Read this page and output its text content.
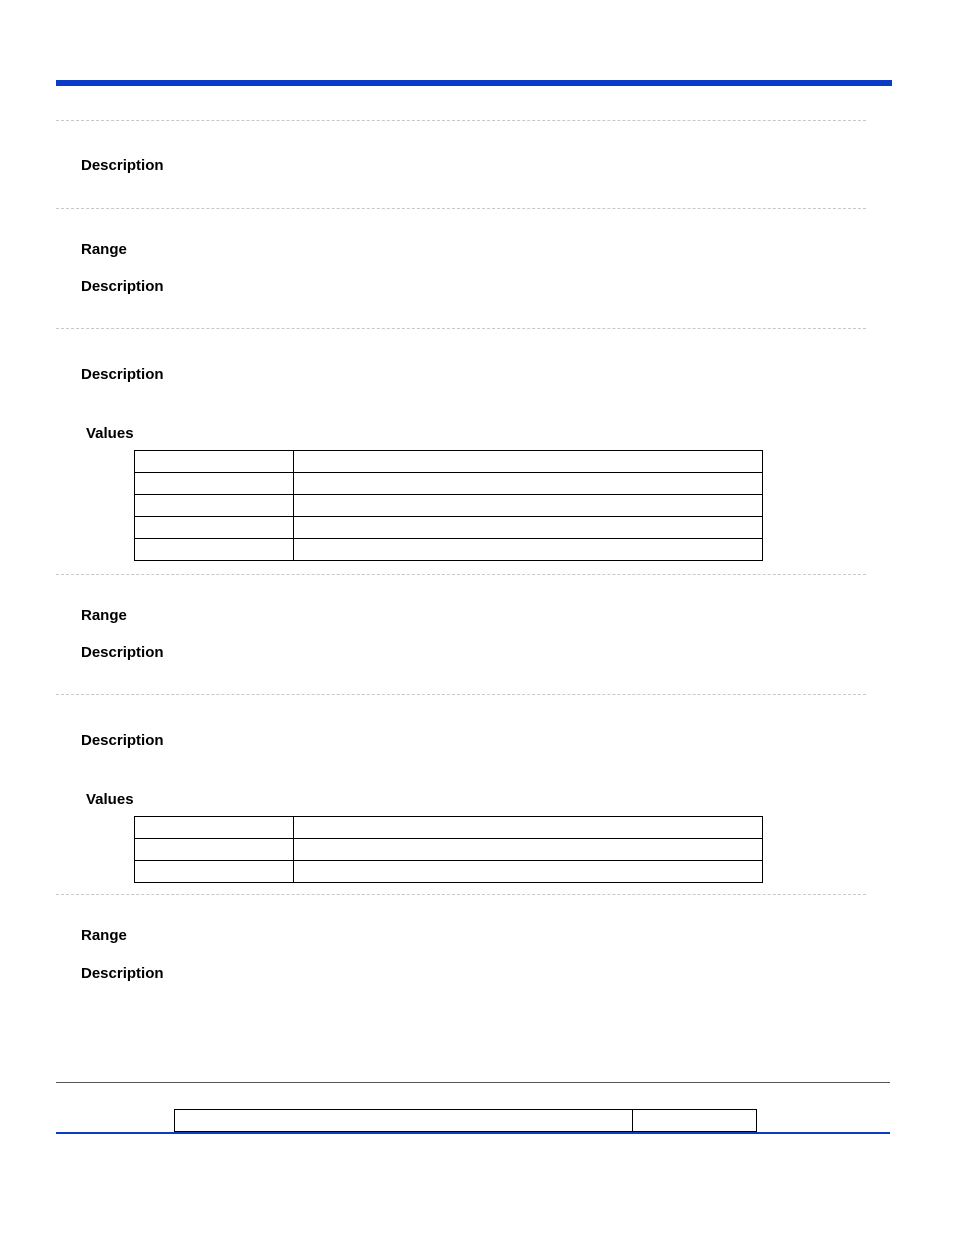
Description
Range
Description
Description
Values

Range
Description
Description
Values

Range
Description
